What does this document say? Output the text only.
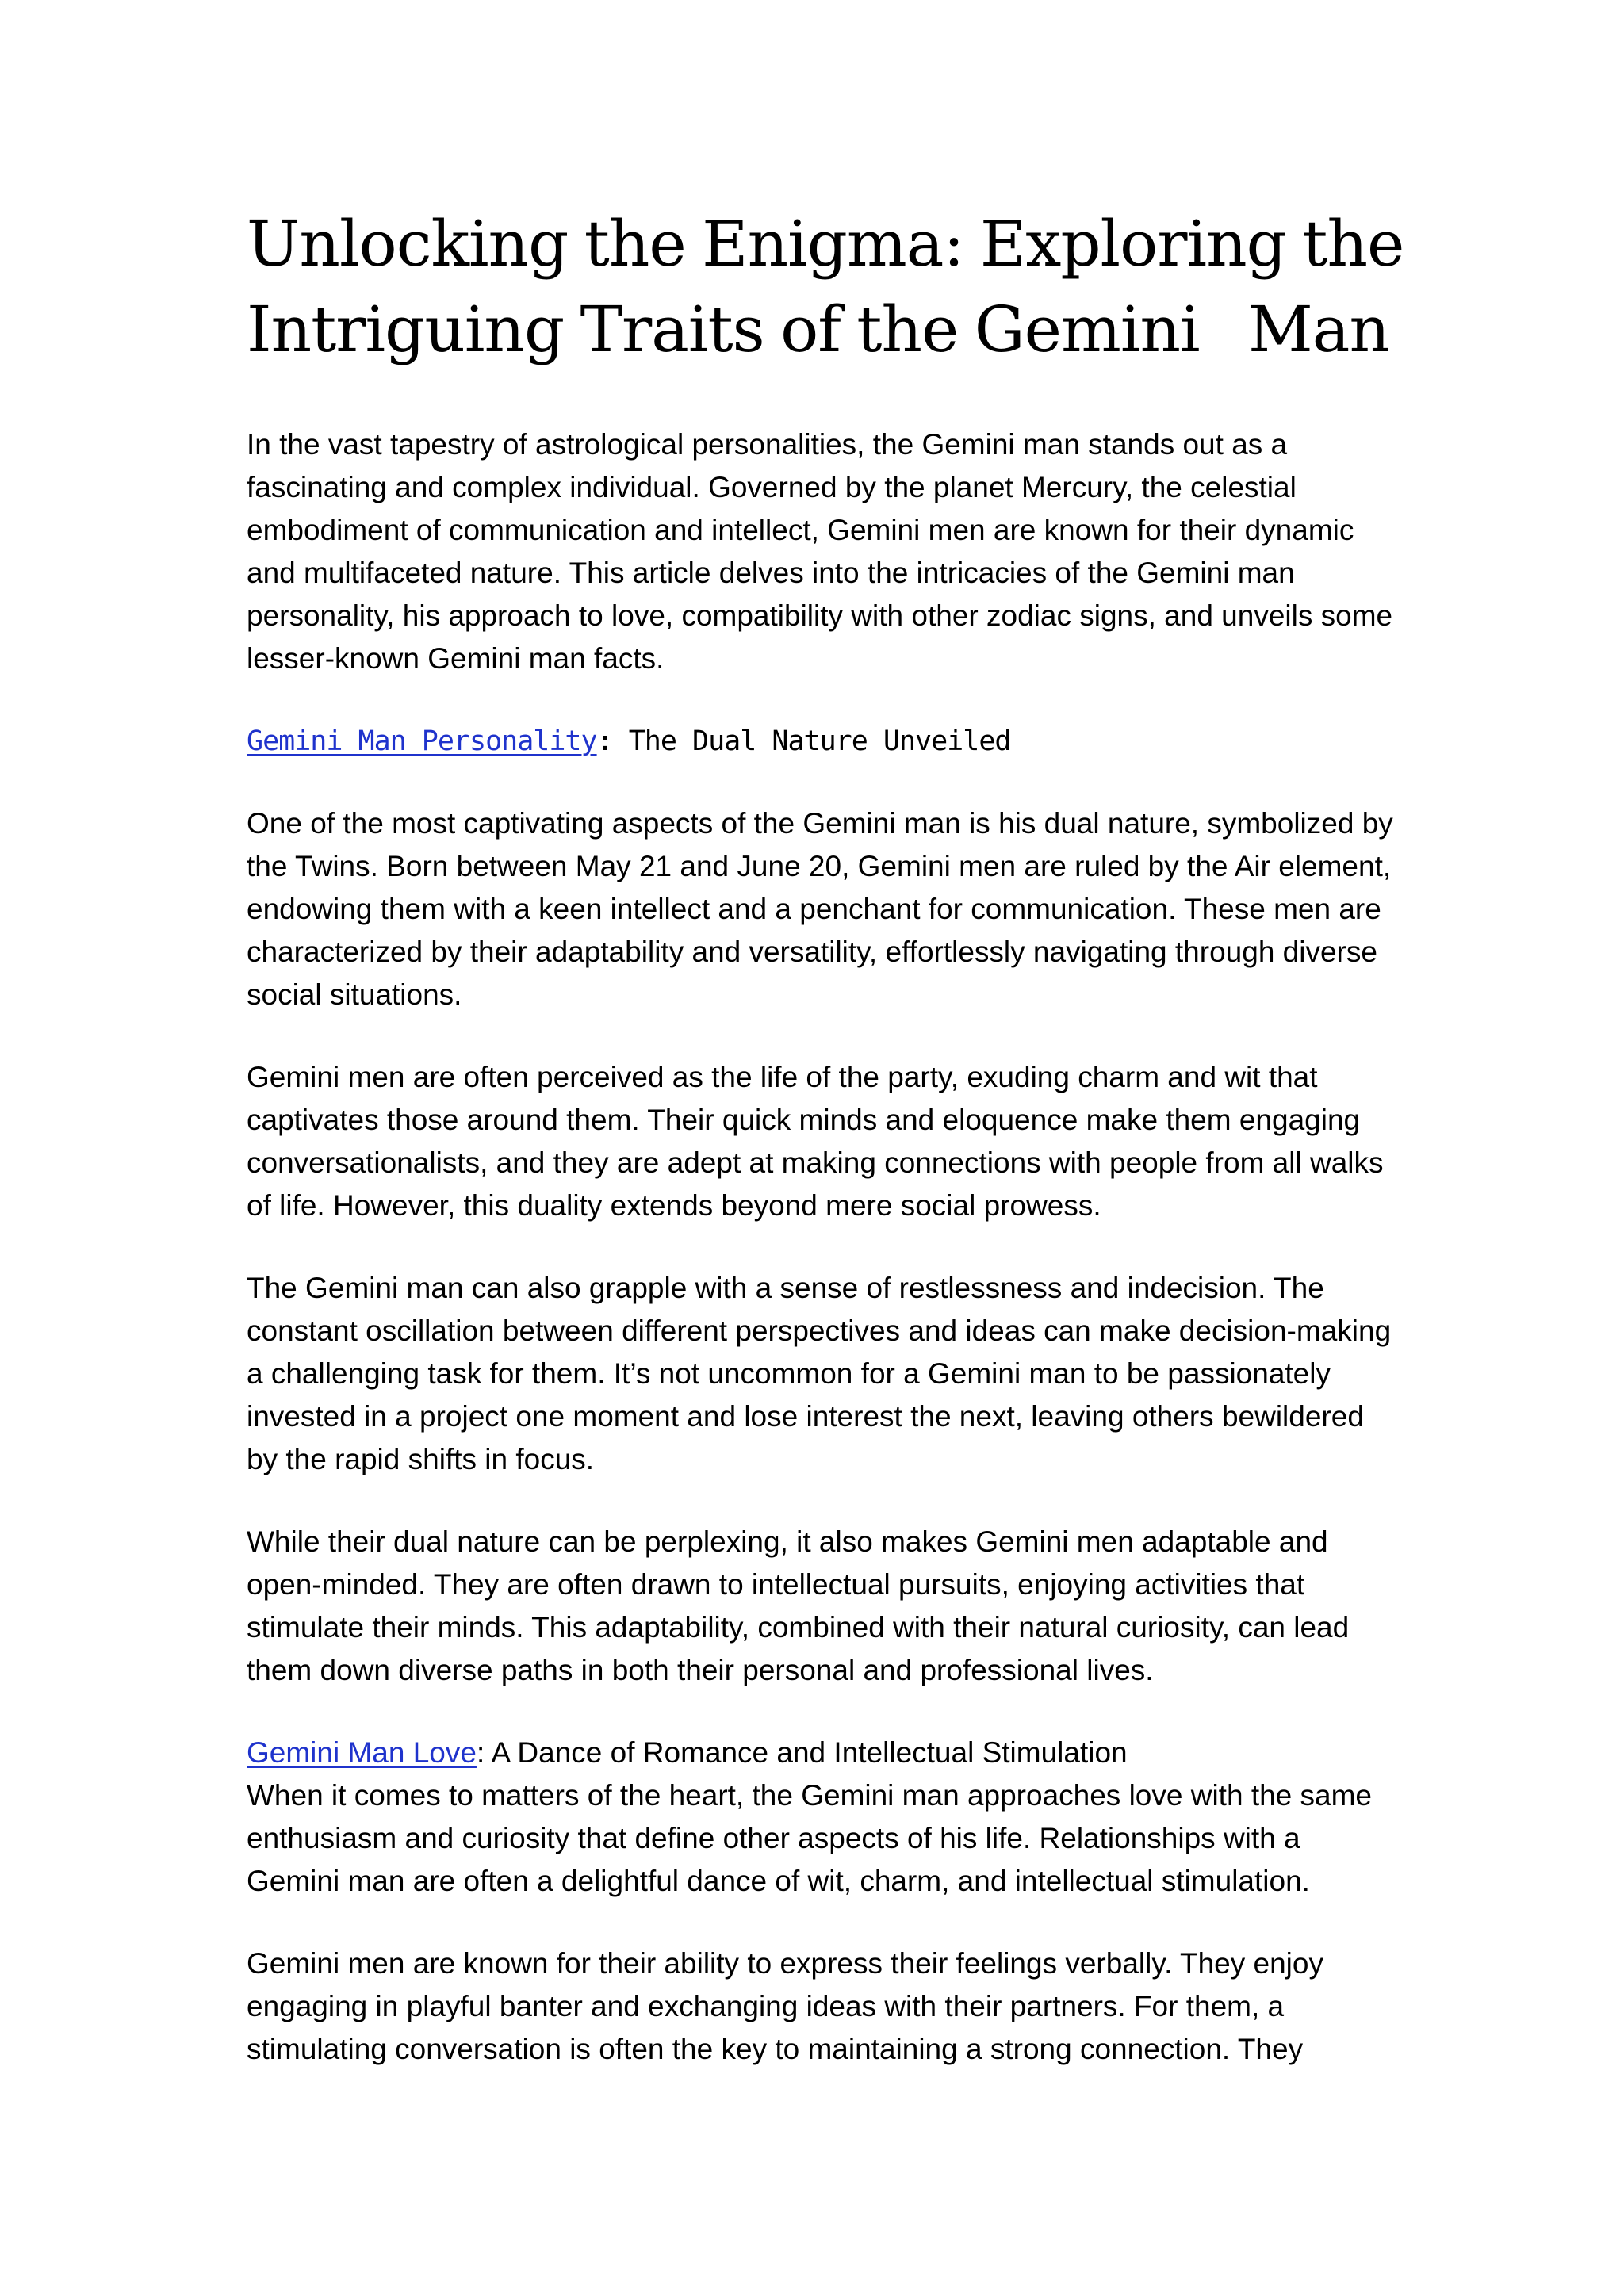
Unlocking the Enigma: Exploring the
Intriguing Traits of the Gemini   Man

In the vast tapestry of astrological personalities, the Gemini man stands out as a fascinating and complex individual. Governed by the planet Mercury, the celestial embodiment of communication and intellect, Gemini men are known for their dynamic and multifaceted nature. This article delves into the intricacies of the Gemini man personality, his approach to love, compatibility with other zodiac signs, and unveils some lesser-known Gemini man facts.

Gemini Man Personality: The Dual Nature Unveiled

One of the most captivating aspects of the Gemini man is his dual nature, symbolized by the Twins. Born between May 21 and June 20, Gemini men are ruled by the Air element, endowing them with a keen intellect and a penchant for communication. These men are characterized by their adaptability and versatility, effortlessly navigating through diverse social situations.

Gemini men are often perceived as the life of the party, exuding charm and wit that captivates those around them. Their quick minds and eloquence make them engaging conversationalists, and they are adept at making connections with people from all walks of life. However, this duality extends beyond mere social prowess.

The Gemini man can also grapple with a sense of restlessness and indecision. The constant oscillation between different perspectives and ideas can make decision-making a challenging task for them. It’s not uncommon for a Gemini man to be passionately invested in a project one moment and lose interest the next, leaving others bewildered by the rapid shifts in focus.

While their dual nature can be perplexing, it also makes Gemini men adaptable and open-minded. They are often drawn to intellectual pursuits, enjoying activities that stimulate their minds. This adaptability, combined with their natural curiosity, can lead them down diverse paths in both their personal and professional lives.

Gemini Man Love: A Dance of Romance and Intellectual Stimulation

When it comes to matters of the heart, the Gemini man approaches love with the same enthusiasm and curiosity that define other aspects of his life. Relationships with a Gemini man are often a delightful dance of wit, charm, and intellectual stimulation.

Gemini men are known for their ability to express their feelings verbally. They enjoy engaging in playful banter and exchanging ideas with their partners. For them, a stimulating conversation is often the key to maintaining a strong connection. They
